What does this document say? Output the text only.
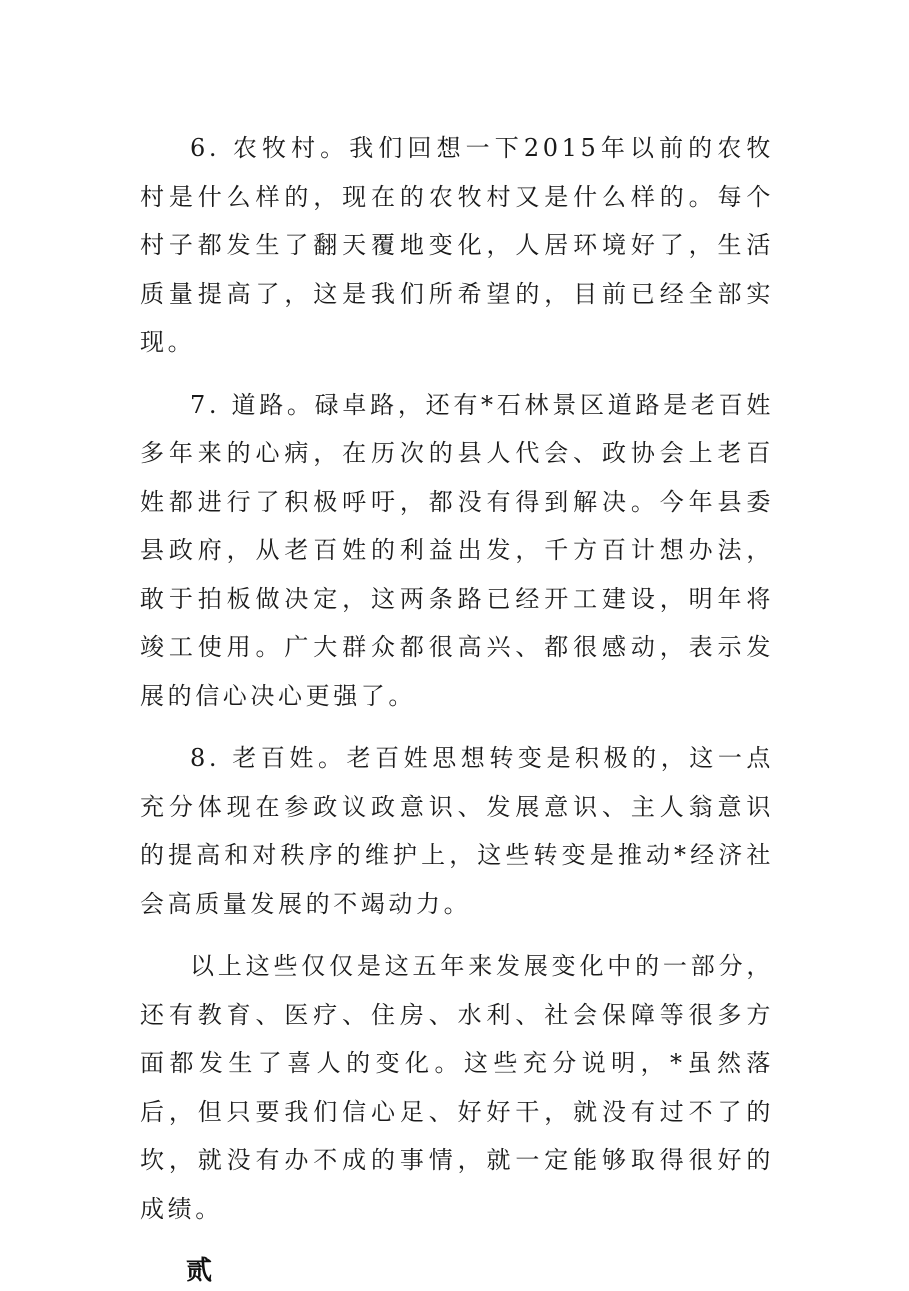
6. 农牧村。我们回想一下2015年以前的农牧村是什么样的，现在的农牧村又是什么样的。每个村子都发生了翻天覆地变化，人居环境好了，生活质量提高了，这是我们所希望的，目前已经全部实现。

7. 道路。碌卓路，还有*石林景区道路是老百姓多年来的心病，在历次的县人代会、政协会上老百姓都进行了积极呼吁，都没有得到解决。今年县委县政府，从老百姓的利益出发，千方百计想办法，敢于拍板做决定，这两条路已经开工建设，明年将竣工使用。广大群众都很高兴、都很感动，表示发展的信心决心更强了。

8. 老百姓。老百姓思想转变是积极的，这一点充分体现在参政议政意识、发展意识、主人翁意识的提高和对秩序的维护上，这些转变是推动*经济社会高质量发展的不竭动力。

以上这些仅仅是这五年来发展变化中的一部分，还有教育、医疗、住房、水利、社会保障等很多方面都发生了喜人的变化。这些充分说明，*虽然落后，但只要我们信心足、好好干，就没有过不了的坎，就没有办不成的事情，就一定能够取得很好的成绩。

贰
